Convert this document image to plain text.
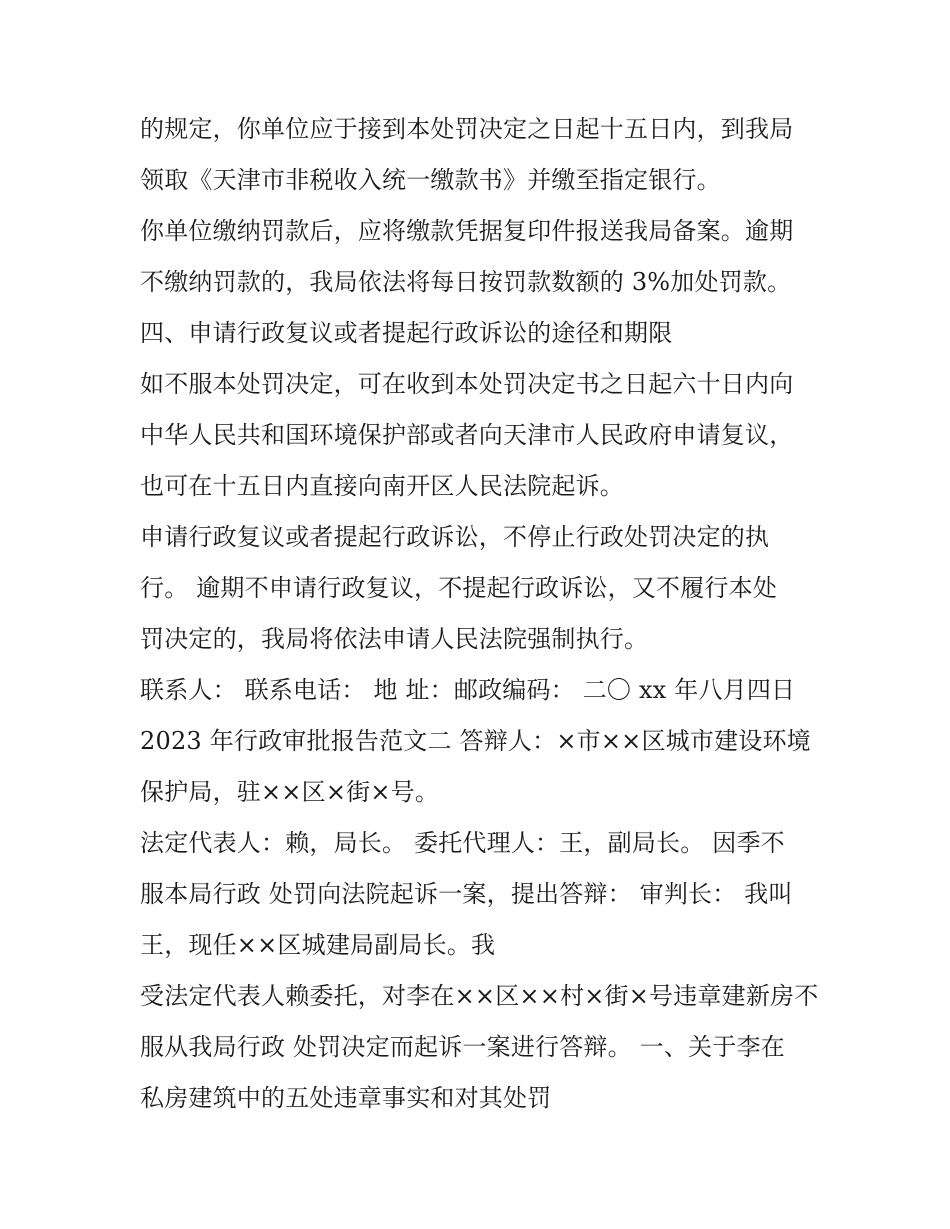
的规定，你单位应于接到本处罚决定之日起十五日内，到我局
领取《天津市非税收入统一缴款书》并缴至指定银行。
你单位缴纳罚款后，应将缴款凭据复印件报送我局备案。逾期
不缴纳罚款的，我局依法将每日按罚款数额的 3%加处罚款。
四、申请行政复议或者提起行政诉讼的途径和期限
如不服本处罚决定，可在收到本处罚决定书之日起六十日内向
中华人民共和国环境保护部或者向天津市人民政府申请复议，
也可在十五日内直接向南开区人民法院起诉。
申请行政复议或者提起行政诉讼，不停止行政处罚决定的执
行。 逾期不申请行政复议，不提起行政诉讼，又不履行本处
罚决定的，我局将依法申请人民法院强制执行。
联系人： 联系电话： 地 址：邮政编码： 二〇 xx 年八月四日
2023 年行政审批报告范文二 答辩人：×市××区城市建设环境
保护局，驻××区×街×号。
法定代表人：赖，局长。 委托代理人：王，副局长。 因季不
服本局行政 处罚向法院起诉一案，提出答辩： 审判长： 我叫
王，现任××区城建局副局长。我
受法定代表人赖委托，对李在××区××村×街×号违章建新房不
服从我局行政 处罚决定而起诉一案进行答辩。 一、关于李在
私房建筑中的五处违章事实和对其处罚
